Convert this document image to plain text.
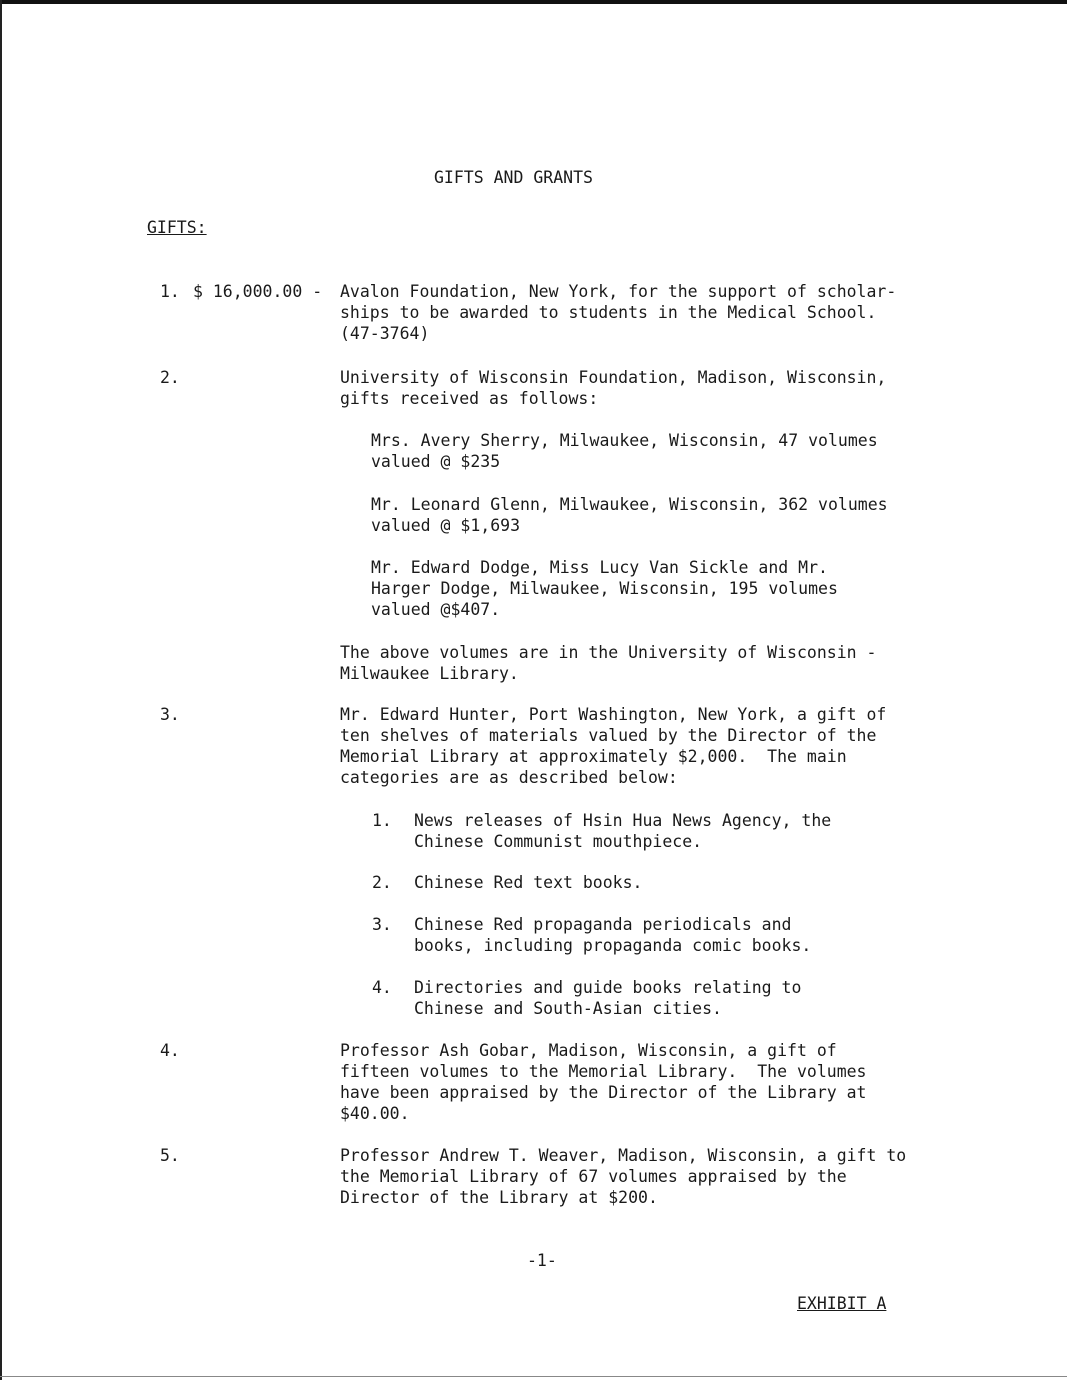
GIFTS AND GRANTS
GIFTS:
1. $ 16,000.00 - Avalon Foundation, New York, for the support of scholar-
ships to be awarded to students in the Medical School.
(47-3764)
2.	University of Wisconsin Foundation, Madison, Wisconsin,
gifts received as follows:
Mrs. Avery Sherry, Milwaukee, Wisconsin, 47 volumes
valued @ $235
Mr. Leonard Glenn, Milwaukee, Wisconsin, 362 volumes
valued @ $1,693
Mr. Edward Dodge, Miss Lucy Van Sickle and Mr.
Harger Dodge, Milwaukee, Wisconsin, 195 volumes
valued @$407.
The above volumes are in the University of Wisconsin -
Milwaukee Library.
3.	Mr. Edward Hunter, Port Washington, New York, a gift of
ten shelves of materials valued by the Director of the
Memorial Library at approximately $2,000.  The main
categories are as described below:
1. News releases of Hsin Hua News Agency, the
Chinese Communist mouthpiece.
2. Chinese Red text books.
3. Chinese Red propaganda periodicals and
books, including propaganda comic books.
4. Directories and guide books relating to
Chinese and South-Asian cities.
4.	Professor Ash Gobar, Madison, Wisconsin, a gift of
fifteen volumes to the Memorial Library.  The volumes
have been appraised by the Director of the Library at
$40.00.
5.	Professor Andrew T. Weaver, Madison, Wisconsin, a gift to
the Memorial Library of 67 volumes appraised by the
Director of the Library at $200.
-1-
EXHIBIT A
